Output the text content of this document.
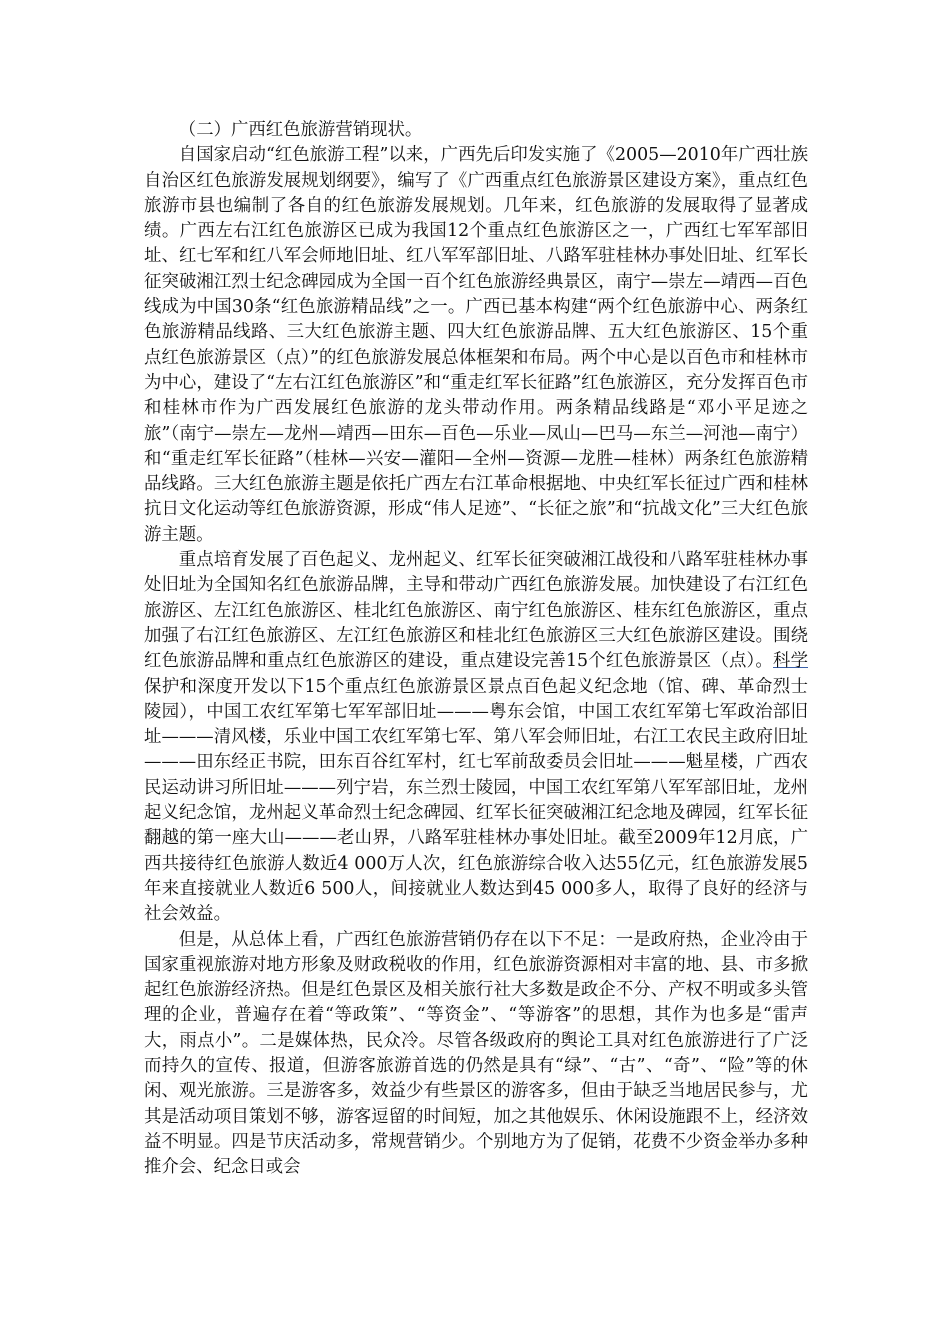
（二）广西红色旅游营销现状。

自国家启动“红色旅游工程”以来，广西先后印发实施了《2005—2010年广西壮族自治区红色旅游发展规划纲要》，编写了《广西重点红色旅游景区建设方案》，重点红色旅游市县也编制了各自的红色旅游发展规划。几年来，红色旅游的发展取得了显著成绩。广西左右江红色旅游区已成为我国12个重点红色旅游区之一，广西红七军军部旧址、红七军和红八军会师地旧址、红八军军部旧址、八路军驻桂林办事处旧址、红军长征突破湘江烈士纪念碑园成为全国一百个红色旅游经典景区，南宁—崇左—靖西—百色线成为中国30条“红色旅游精品线”之一。广西已基本构建“两个红色旅游中心、两条红色旅游精品线路、三大红色旅游主题、四大红色旅游品牌、五大红色旅游区、15个重点红色旅游景区（点）”的红色旅游发展总体框架和布局。两个中心是以百色市和桂林市为中心，建设了“左右江红色旅游区”和“重走红军长征路”红色旅游区，充分发挥百色市和桂林市作为广西发展红色旅游的龙头带动作用。两条精品线路是“邓小平足迹之旅”（南宁—崇左—龙州—靖西—田东—百色—乐业—凤山—巴马—东兰—河池—南宁）和“重走红军长征路”（桂林—兴安—灌阳—全州—资源—龙胜—桂林）两条红色旅游精品线路。三大红色旅游主题是依托广西左右江革命根据地、中央红军长征过广西和桂林抗日文化运动等红色旅游资源，形成“伟人足迹”、“长征之旅”和“抗战文化”三大红色旅游主题。

重点培育发展了百色起义、龙州起义、红军长征突破湘江战役和八路军驻桂林办事处旧址为全国知名红色旅游品牌，主导和带动广西红色旅游发展。加快建设了右江红色旅游区、左江红色旅游区、桂北红色旅游区、南宁红色旅游区、桂东红色旅游区，重点加强了右江红色旅游区、左江红色旅游区和桂北红色旅游区三大红色旅游区建设。围绕红色旅游品牌和重点红色旅游区的建设，重点建设完善15个红色旅游景区（点）。科学保护和深度开发以下15个重点红色旅游景区景点百色起义纪念地（馆、碑、革命烈士陵园），中国工农红军第七军军部旧址———粤东会馆，中国工农红军第七军政治部旧址———清风楼，乐业中国工农红军第七军、第八军会师旧址，右江工农民主政府旧址———田东经正书院，田东百谷红军村，红七军前敌委员会旧址———魁星楼，广西农民运动讲习所旧址———列宁岩，东兰烈士陵园，中国工农红军第八军军部旧址，龙州起义纪念馆，龙州起义革命烈士纪念碑园、红军长征突破湘江纪念地及碑园，红军长征翻越的第一座大山———老山界，八路军驻桂林办事处旧址。截至2009年12月底，广西共接待红色旅游人数近4 000万人次，红色旅游综合收入达55亿元，红色旅游发展5年来直接就业人数近6 500人，间接就业人数达到45 000多人，取得了良好的经济与社会效益。

但是，从总体上看，广西红色旅游营销仍存在以下不足：一是政府热，企业冷由于国家重视旅游对地方形象及财政税收的作用，红色旅游资源相对丰富的地、县、市多掀起红色旅游经济热。但是红色景区及相关旅行社大多数是政企不分、产权不明或多头管理的企业，普遍存在着“等政策”、“等资金”、“等游客”的思想，其作为也多是“雷声大，雨点小”。二是媒体热，民众冷。尽管各级政府的舆论工具对红色旅游进行了广泛而持久的宣传、报道，但游客旅游首选的仍然是具有“绿”、“古”、“奇”、“险”等的休闲、观光旅游。三是游客多，效益少有些景区的游客多，但由于缺乏当地居民参与，尤其是活动项目策划不够，游客逗留的时间短，加之其他娱乐、休闲设施跟不上，经济效益不明显。四是节庆活动多，常规营销少。个别地方为了促销，花费不少资金举办多种推介会、纪念日或会
